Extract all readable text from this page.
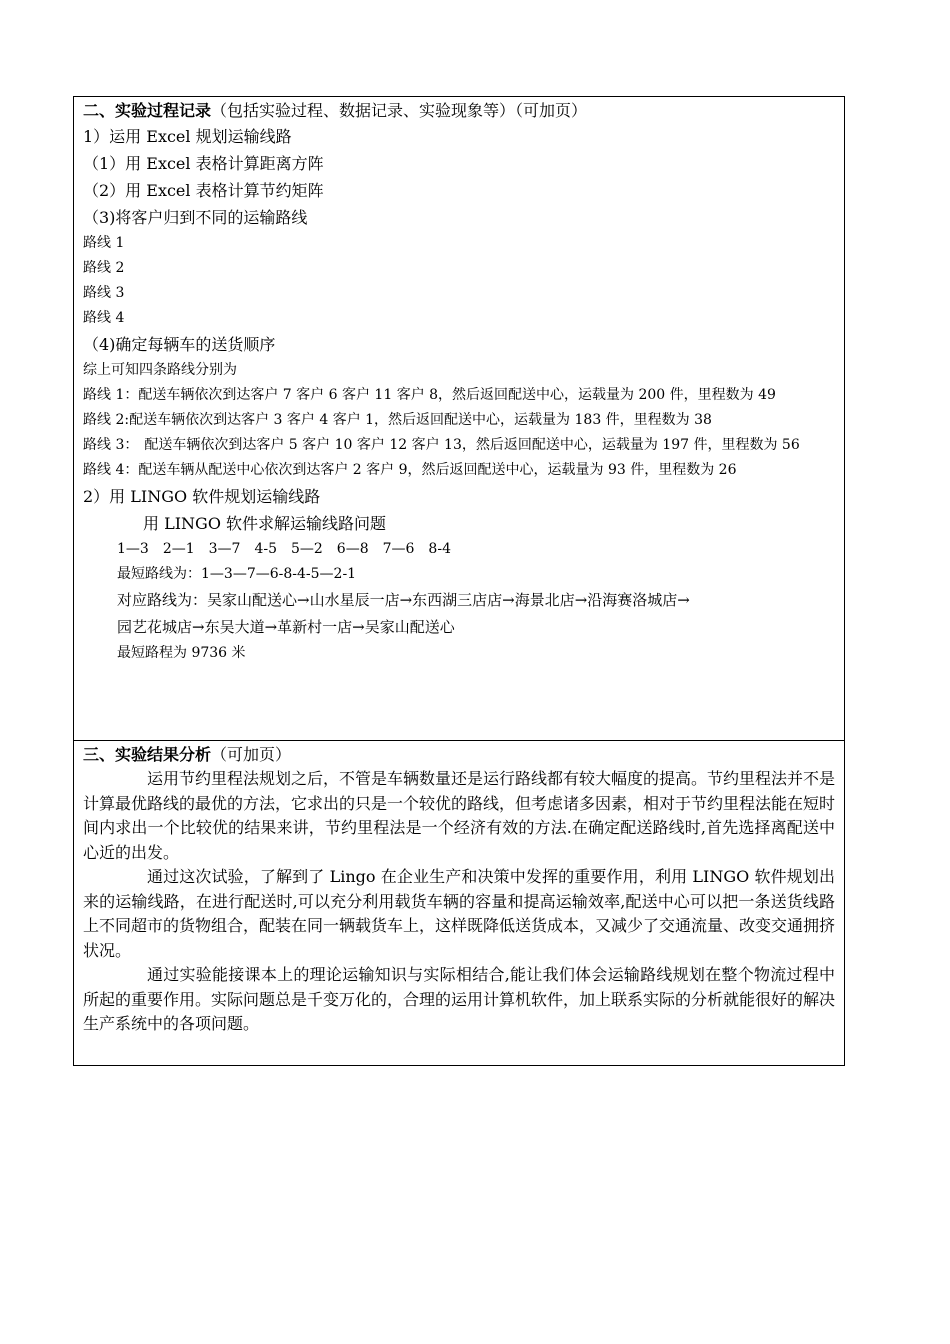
二、实验过程记录（包括实验过程、数据记录、实验现象等）（可加页）
1）运用 Excel 规划运输线路
（1）用 Excel 表格计算距离方阵
（2）用 Excel 表格计算节约矩阵
（3)将客户归到不同的运输路线
路线 1
路线 2
路线 3
路线 4
（4)确定每辆车的送货顺序
综上可知四条路线分别为
路线 1：配送车辆依次到达客户 7 客户 6 客户 11 客户 8，然后返回配送中心，运载量为 200 件，里程数为 49
路线 2:配送车辆依次到达客户 3 客户 4 客户 1，然后返回配送中心，运载量为 183 件，里程数为 38
路线 3： 配送车辆依次到达客户 5 客户 10 客户 12 客户 13，然后返回配送中心，运载量为 197 件，里程数为 56
路线 4：配送车辆从配送中心依次到达客户 2 客户 9，然后返回配送中心，运载量为 93 件，里程数为 26
2）用 LINGO 软件规划运输线路
用 LINGO 软件求解运输线路问题
1—3　2—1　3—7　4-5　5—2　6—8　7—6　8-4
最短路线为：1—3—7—6-8-4-5—2-1
对应路线为：吴家山配送心→山水星辰一店→东西湖三店店→海景北店→沿海赛洛城店→
园艺花城店→东吴大道→革新村一店→吴家山配送心
最短路程为 9736 米
三、实验结果分析（可加页）

运用节约里程法规划之后，不管是车辆数量还是运行路线都有较大幅度的提高。节约里程法并不是计算最优路线的最优的方法，它求出的只是一个较优的路线，但考虑诸多因素，相对于节约里程法能在短时间内求出一个比较优的结果来讲，节约里程法是一个经济有效的方法.在确定配送路线时,首先选择离配送中心近的出发。

通过这次试验，了解到了 Lingo 在企业生产和决策中发挥的重要作用，利用 LINGO 软件规划出来的运输线路，在进行配送时,可以充分利用载货车辆的容量和提高运输效率,配送中心可以把一条送货线路上不同超市的货物组合，配装在同一辆载货车上，这样既降低送货成本，又减少了交通流量、改变交通拥挤状况。

通过实验能接课本上的理论运输知识与实际相结合,能让我们体会运输路线规划在整个物流过程中所起的重要作用。实际问题总是千变万化的，合理的运用计算机软件，加上联系实际的分析就能很好的解决生产系统中的各项问题。
